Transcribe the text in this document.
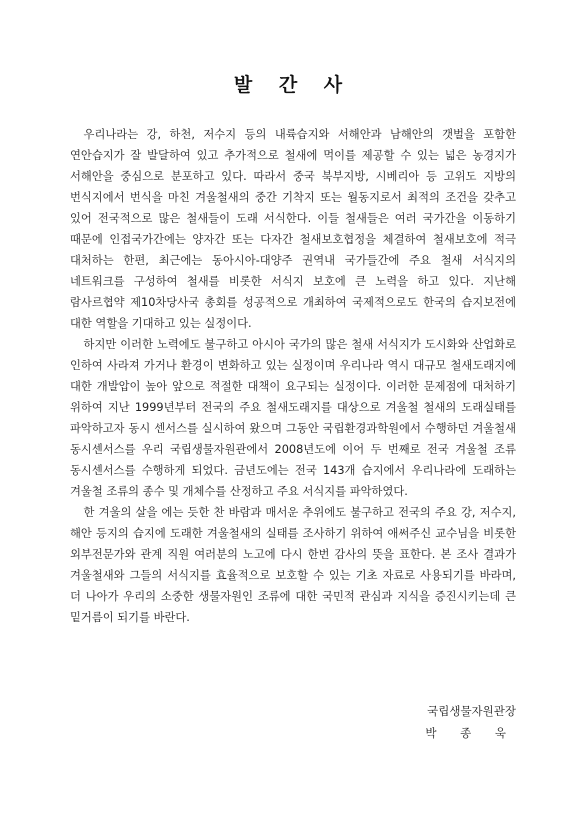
발 간 사

우리나라는 강, 하천, 저수지 등의 내륙습지와 서해안과 남해안의 갯벌을 포함한 연안습지가 잘 발달하여 있고 추가적으로 철새에 먹이를 제공할 수 있는 넓은 농경지가 서해안을 중심으로 분포하고 있다. 따라서 중국 북부지방, 시베리아 등 고위도 지방의 번식지에서 번식을 마친 겨울철새의 중간 기착지 또는 월동지로서 최적의 조건을 갖추고 있어 전국적으로 많은 철새들이 도래 서식한다. 이들 철새들은 여러 국가간을 이동하기 때문에 인접국가간에는 양자간 또는 다자간 철새보호협정을 체결하여 철새보호에 적극 대처하는 한편, 최근에는 동아시아-대양주 권역내 국가들간에 주요 철새 서식지의 네트워크를 구성하여 철새를 비롯한 서식지 보호에 큰 노력을 하고 있다. 지난해 람사르협약 제10차당사국 총회를 성공적으로 개최하여 국제적으로도 한국의 습지보전에 대한 역할을 기대하고 있는 실정이다.

하지만 이러한 노력에도 불구하고 아시아 국가의 많은 철새 서식지가 도시화와 산업화로 인하여 사라져 가거나 환경이 변화하고 있는 실정이며 우리나라 역시 대규모 철새도래지에 대한 개발압이 높아 앞으로 적절한 대책이 요구되는 실정이다. 이러한 문제점에 대처하기 위하여 지난 1999년부터 전국의 주요 철새도래지를 대상으로 겨울철 철새의 도래실태를 파악하고자 동시 센서스를 실시하여 왔으며 그동안 국립환경과학원에서 수행하던 겨울철새 동시센서스를 우리 국립생물자원관에서 2008년도에 이어 두 번째로 전국 겨울철 조류 동시센서스를 수행하게 되었다. 금년도에는 전국 143개 습지에서 우리나라에 도래하는 겨울철 조류의 종수 및 개체수를 산정하고 주요 서식지를 파악하였다.

한 겨울의 살을 에는 듯한 찬 바람과 매서운 추위에도 불구하고 전국의 주요 강, 저수지, 해안 등지의 습지에 도래한 겨울철새의 실태를 조사하기 위하여 애써주신 교수님을 비롯한 외부전문가와 관계 직원 여러분의 노고에 다시 한번 감사의 뜻을 표한다. 본 조사 결과가 겨울철새와 그들의 서식지를 효율적으로 보호할 수 있는 기초 자료로 사용되기를 바라며, 더 나아가 우리의 소중한 생물자원인 조류에 대한 국민적 관심과 지식을 증진시키는데 큰 밑거름이 되기를 바란다.

국립생물자원관장
박 종 욱
